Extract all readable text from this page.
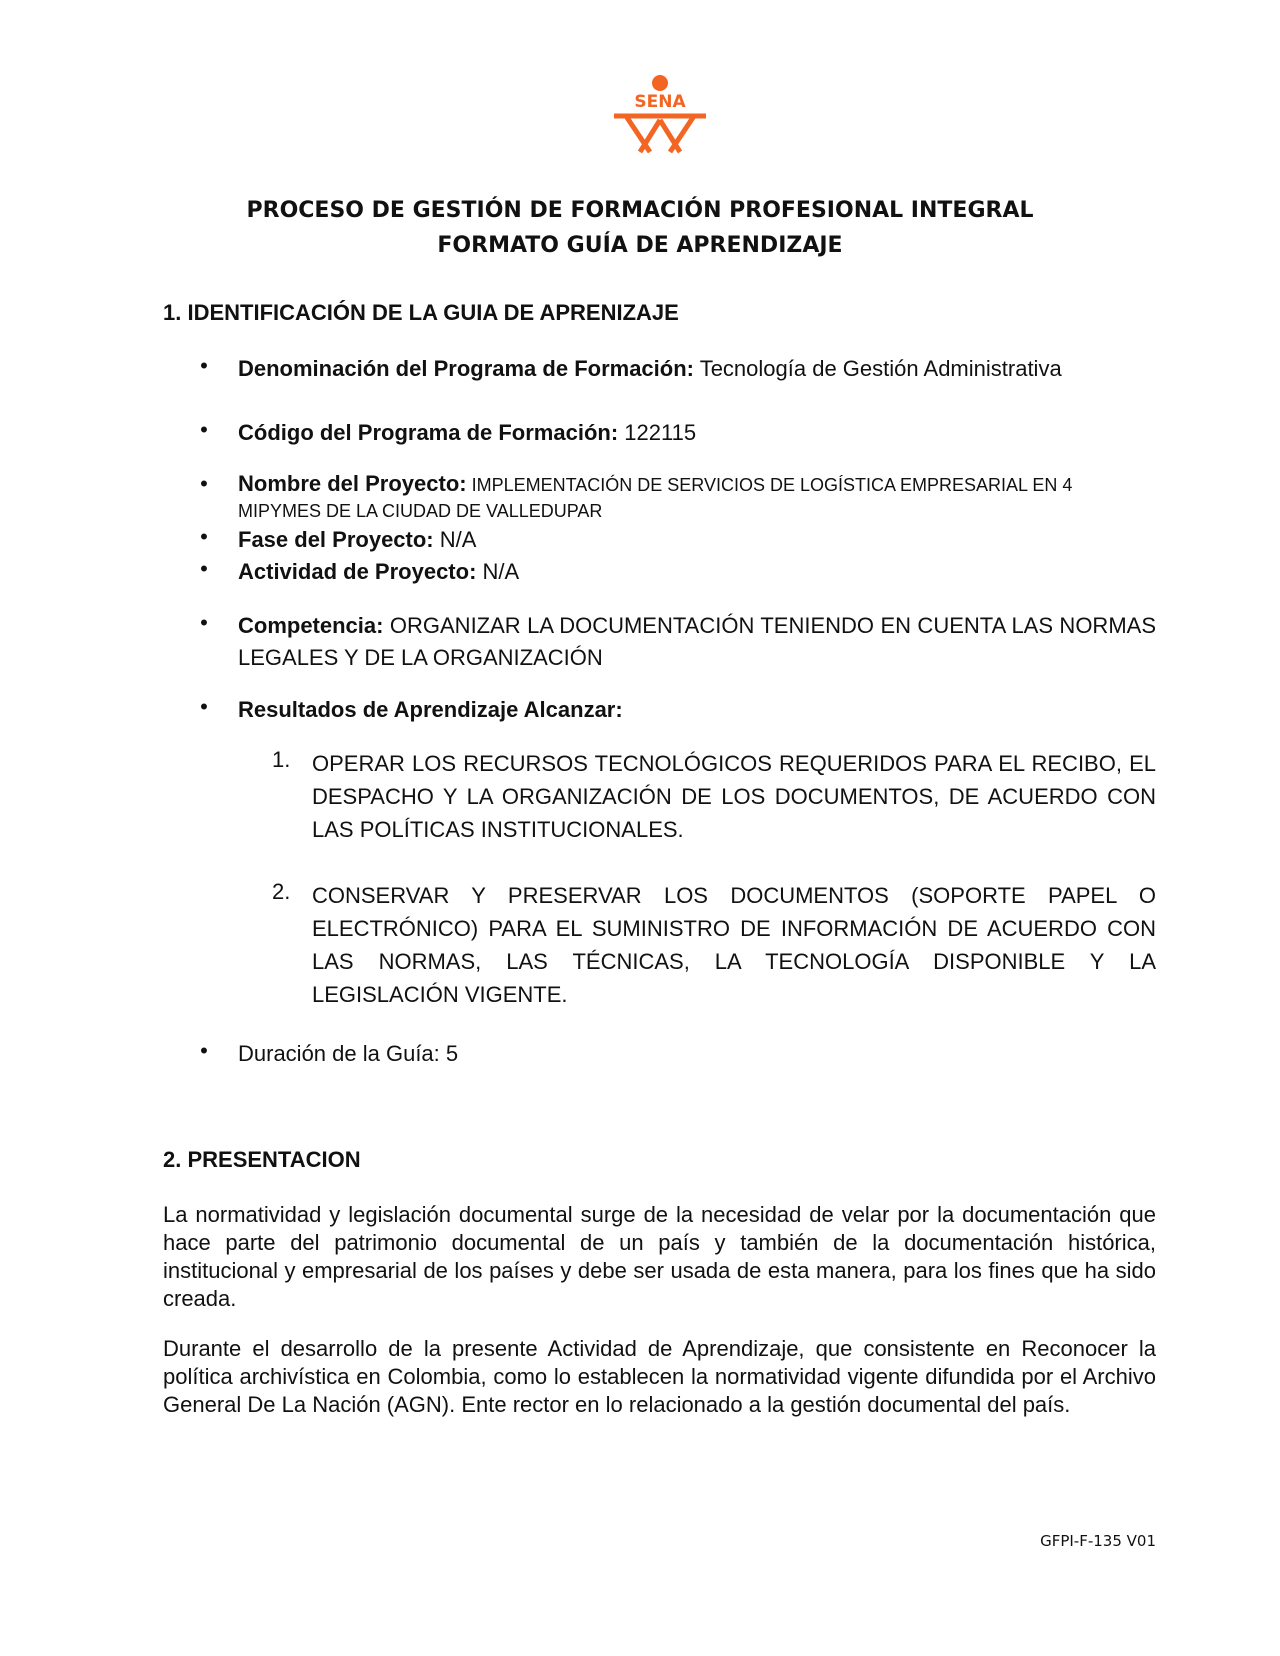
SENA
PROCESO DE GESTIÓN DE FORMACIÓN PROFESIONAL INTEGRAL
FORMATO GUÍA DE APRENDIZAJE
1. IDENTIFICACIÓN DE LA GUIA DE APRENIZAJE
• Denominación del Programa de Formación: Tecnología de Gestión Administrativa
• Código del Programa de Formación: 122115
• Nombre del Proyecto: IMPLEMENTACIÓN DE SERVICIOS DE LOGÍSTICA EMPRESARIAL EN 4 MIPYMES DE LA CIUDAD DE VALLEDUPAR
• Fase del Proyecto: N/A
• Actividad de Proyecto: N/A
• Competencia: ORGANIZAR LA DOCUMENTACIÓN TENIENDO EN CUENTA LAS NORMAS LEGALES Y DE LA ORGANIZACIÓN
• Resultados de Aprendizaje Alcanzar:
1. OPERAR LOS RECURSOS TECNOLÓGICOS REQUERIDOS PARA EL RECIBO, EL DESPACHO Y LA ORGANIZACIÓN DE LOS DOCUMENTOS, DE ACUERDO CON LAS POLÍTICAS INSTITUCIONALES.
2. CONSERVAR Y PRESERVAR LOS DOCUMENTOS (SOPORTE PAPEL O ELECTRÓNICO) PARA EL SUMINISTRO DE INFORMACIÓN DE ACUERDO CON LAS NORMAS, LAS TÉCNICAS, LA TECNOLOGÍA DISPONIBLE Y LA LEGISLACIÓN VIGENTE.
• Duración de la Guía: 5
2. PRESENTACION
La normatividad y legislación documental surge de la necesidad de velar por la documentación que hace parte del patrimonio documental de un país y también de la documentación histórica, institucional y empresarial de los países y debe ser usada de esta manera, para los fines que ha sido creada.
Durante el desarrollo de la presente Actividad de Aprendizaje, que consistente en Reconocer la política archivística en Colombia, como lo establecen la normatividad vigente difundida por el Archivo General De La Nación (AGN). Ente rector en lo relacionado a la gestión documental del país.
GFPI-F-135 V01
